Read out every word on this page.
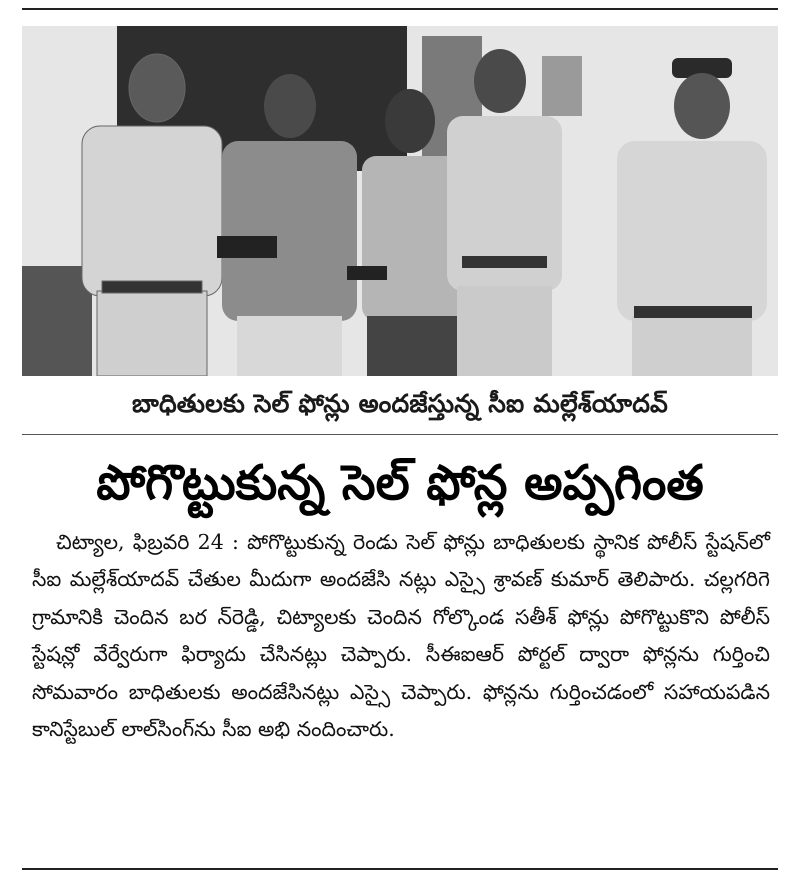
బాధితులకు సెల్‌ ఫోన్లు అందజేస్తున్న సీఐ మల్లేశ్‌యాదవ్‌
పోగొట్టుకున్న సెల్‌ ఫోన్ల అప్పగింత

చిట్యాల, ఫిబ్రవరి 24 : పోగొట్టుకున్న రెండు సెల్‌ ఫోన్లు బాధితులకు స్థానిక పోలీస్‌ స్టేషన్‌లో సీఐ మల్లేశ్‌యాదవ్‌ చేతుల మీదుగా అందజేసి నట్లు ఎస్సై శ్రావణ్‌ కుమార్‌ తెలిపారు. చల్లగరిగె గ్రామానికి చెందిన బర న్‌రెడ్డి, చిట్యాలకు చెందిన గోల్కొండ సతీశ్‌ ఫోన్లు పోగొట్టుకొని పోలీస్‌ స్టేషన్లో వేర్వేరుగా ఫిర్యాదు చేసినట్లు చెప్పారు. సీఈఐఆర్‌ పోర్టల్‌ ద్వారా ఫోన్లను గుర్తించి సోమవారం బాధితులకు అందజేసినట్లు ఎస్సై చెప్పారు. ఫోన్లను గుర్తించడంలో సహాయపడిన కానిస్టేబుల్‌ లాల్‌సింగ్‌ను సీఐ అభి నందించారు.
